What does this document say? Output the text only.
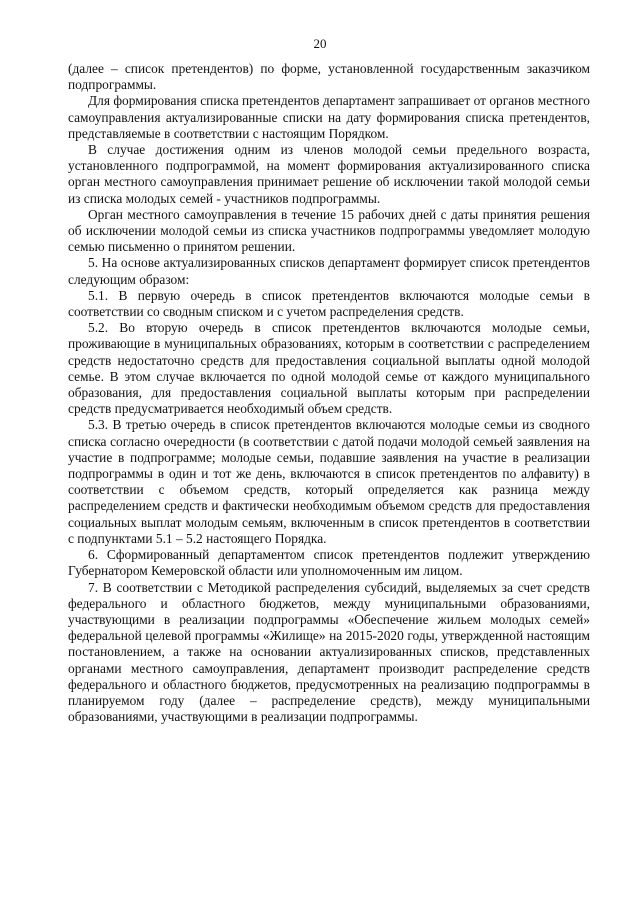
20

(далее – список претендентов) по форме, установленной государственным заказчиком подпрограммы.

Для формирования списка претендентов департамент запрашивает от органов местного самоуправления актуализированные списки на дату формирования списка претендентов, представляемые в соответствии с настоящим Порядком.

В случае достижения одним из членов молодой семьи предельного возраста, установленного подпрограммой, на момент формирования актуализированного списка орган местного самоуправления принимает решение об исключении такой молодой семьи из списка молодых семей - участников подпрограммы.

Орган местного самоуправления в течение 15 рабочих дней с даты принятия решения об исключении молодой семьи из списка участников подпрограммы уведомляет молодую семью письменно о принятом решении.

5. На основе актуализированных списков департамент формирует список претендентов следующим образом:

5.1. В первую очередь в список претендентов включаются молодые семьи в соответствии со сводным списком и с учетом распределения средств.

5.2. Во вторую очередь в список претендентов включаются молодые семьи, проживающие в муниципальных образованиях, которым в соответствии с распределением средств недостаточно средств для предоставления социальной выплаты одной молодой семье. В этом случае включается по одной молодой семье от каждого муниципального образования, для предоставления социальной выплаты которым при распределении средств предусматривается необходимый объем средств.

5.3. В третью очередь в список претендентов включаются молодые семьи из сводного списка согласно очередности (в соответствии с датой подачи молодой семьей заявления на участие в подпрограмме; молодые семьи, подавшие заявления на участие в реализации подпрограммы в один и тот же день, включаются в список претендентов по алфавиту) в соответствии с объемом средств, который определяется как разница между распределением средств и фактически необходимым объемом средств для предоставления социальных выплат молодым семьям, включенным в список претендентов в соответствии с подпунктами 5.1 – 5.2 настоящего Порядка.

6. Сформированный департаментом список претендентов подлежит утверждению Губернатором Кемеровской области или уполномоченным им лицом.

7. В соответствии с Методикой распределения субсидий, выделяемых за счет средств федерального и областного бюджетов, между муниципальными образованиями, участвующими в реализации подпрограммы «Обеспечение жильем молодых семей» федеральной целевой программы «Жилище» на 2015-2020 годы, утвержденной настоящим постановлением, а также на основании актуализированных списков, представленных органами местного самоуправления, департамент производит распределение средств федерального и областного бюджетов, предусмотренных на реализацию подпрограммы в планируемом году (далее – распределение средств), между муниципальными образованиями, участвующими в реализации подпрограммы.
